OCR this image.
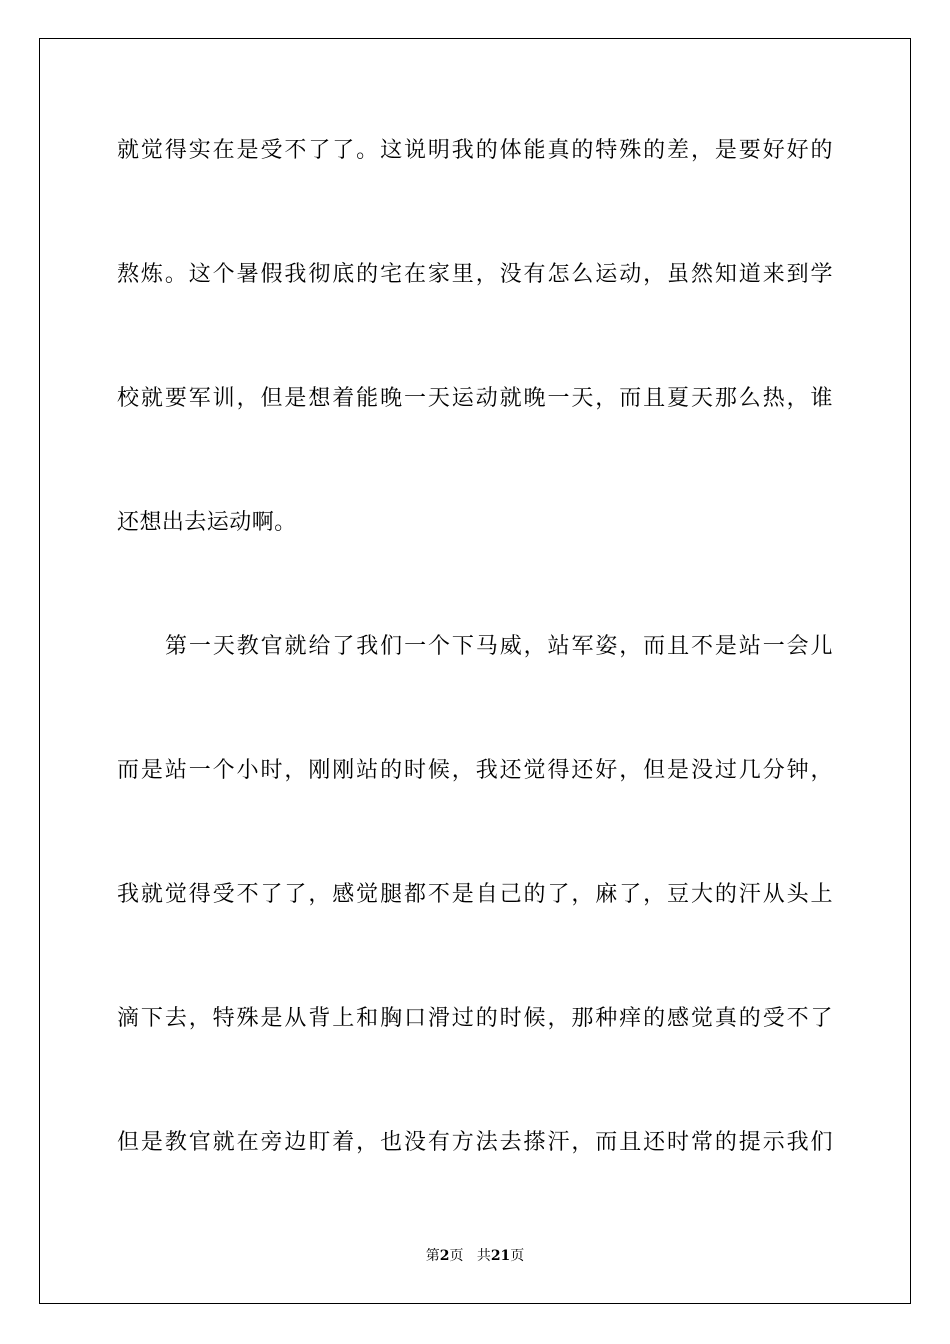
就觉得实在是受不了了。这说明我的体能真的特殊的差，是要好好的
熬炼。这个暑假我彻底的宅在家里，没有怎么运动，虽然知道来到学
校就要军训，但是想着能晚一天运动就晚一天，而且夏天那么热，谁
还想出去运动啊。
第一天教官就给了我们一个下马威，站军姿，而且不是站一会儿
而是站一个小时，刚刚站的时候，我还觉得还好，但是没过几分钟，
我就觉得受不了了，感觉腿都不是自己的了，麻了，豆大的汗从头上
滴下去，特殊是从背上和胸口滑过的时候，那种痒的感觉真的受不了
但是教官就在旁边盯着，也没有方法去搽汗，而且还时常的提示我们
第2页 共21页
